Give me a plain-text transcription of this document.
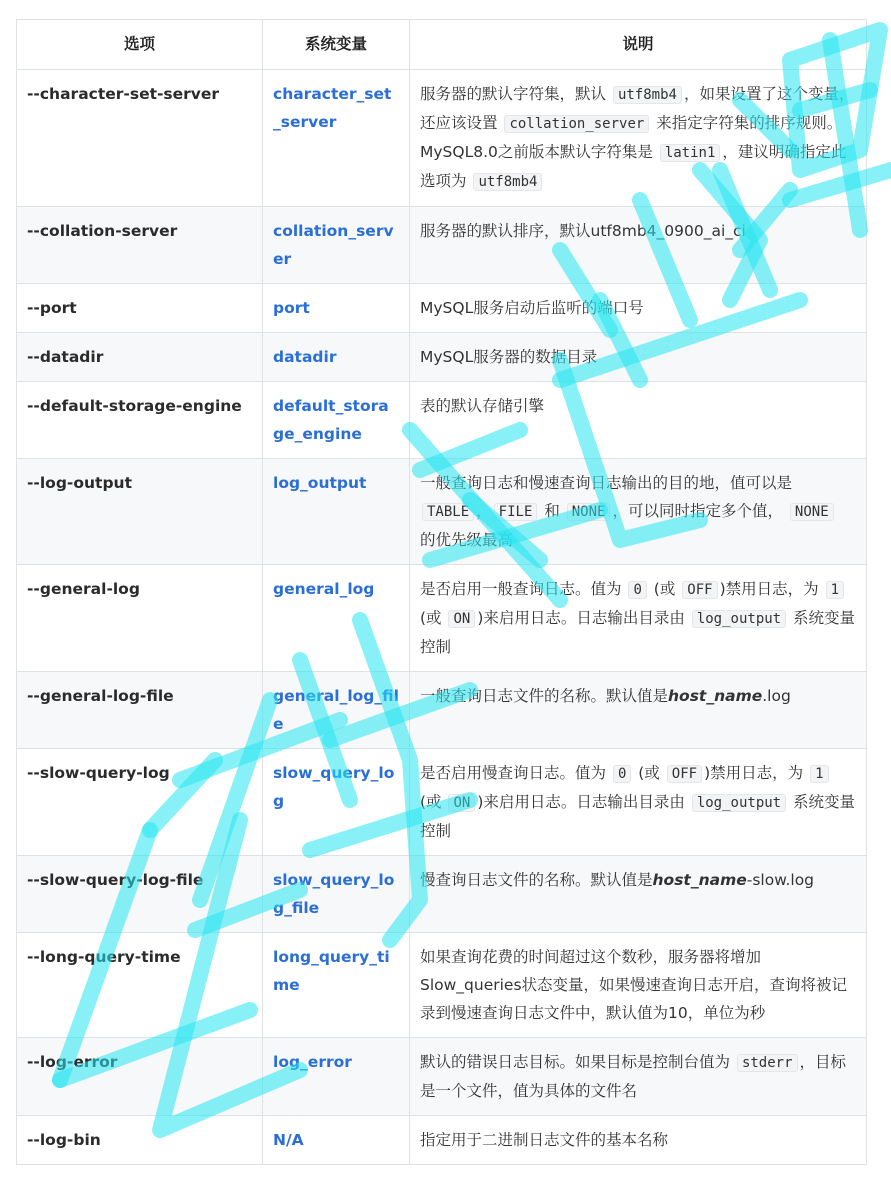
选项	系统变量	说明
--character-set-server	character_set_server	服务器的默认字符集，默认 utf8mb4 ，如果设置了这个变量，还应该设置 collation_server 来指定字符集的排序规则。MySQL8.0之前版本默认字符集是 latin1 ，建议明确指定此选项为 utf8mb4
--collation-server	collation_server	服务器的默认排序，默认utf8mb4_0900_ai_ci
--port	port	MySQL服务启动后监听的端口号
--datadir	datadir	MySQL服务器的数据目录
--default-storage-engine	default_storage_engine	表的默认存储引擎
--log-output	log_output	一般查询日志和慢速查询日志输出的目的地，值可以是 TABLE ， FILE 和 NONE ，可以同时指定多个值， NONE 的优先级最高
--general-log	general_log	是否启用一般查询日志。值为 0 (或 OFF )禁用日志，为 1 (或 ON )来启用日志。日志输出目录由 log_output 系统变量控制
--general-log-file	general_log_file	一般查询日志文件的名称。默认值是host_name.log
--slow-query-log	slow_query_log	是否启用慢查询日志。值为 0 (或 OFF )禁用日志，为 1 (或 ON )来启用日志。日志输出目录由 log_output 系统变量控制
--slow-query-log-file	slow_query_log_file	慢查询日志文件的名称。默认值是host_name-slow.log
--long-query-time	long_query_time	如果查询花费的时间超过这个数秒，服务器将增加Slow_queries状态变量，如果慢速查询日志开启，查询将被记录到慢速查询日志文件中，默认值为10，单位为秒
--log-error	log_error	默认的错误日志目标。如果目标是控制台值为 stderr ，目标是一个文件，值为具体的文件名
--log-bin	N/A	指定用于二进制日志文件的基本名称
